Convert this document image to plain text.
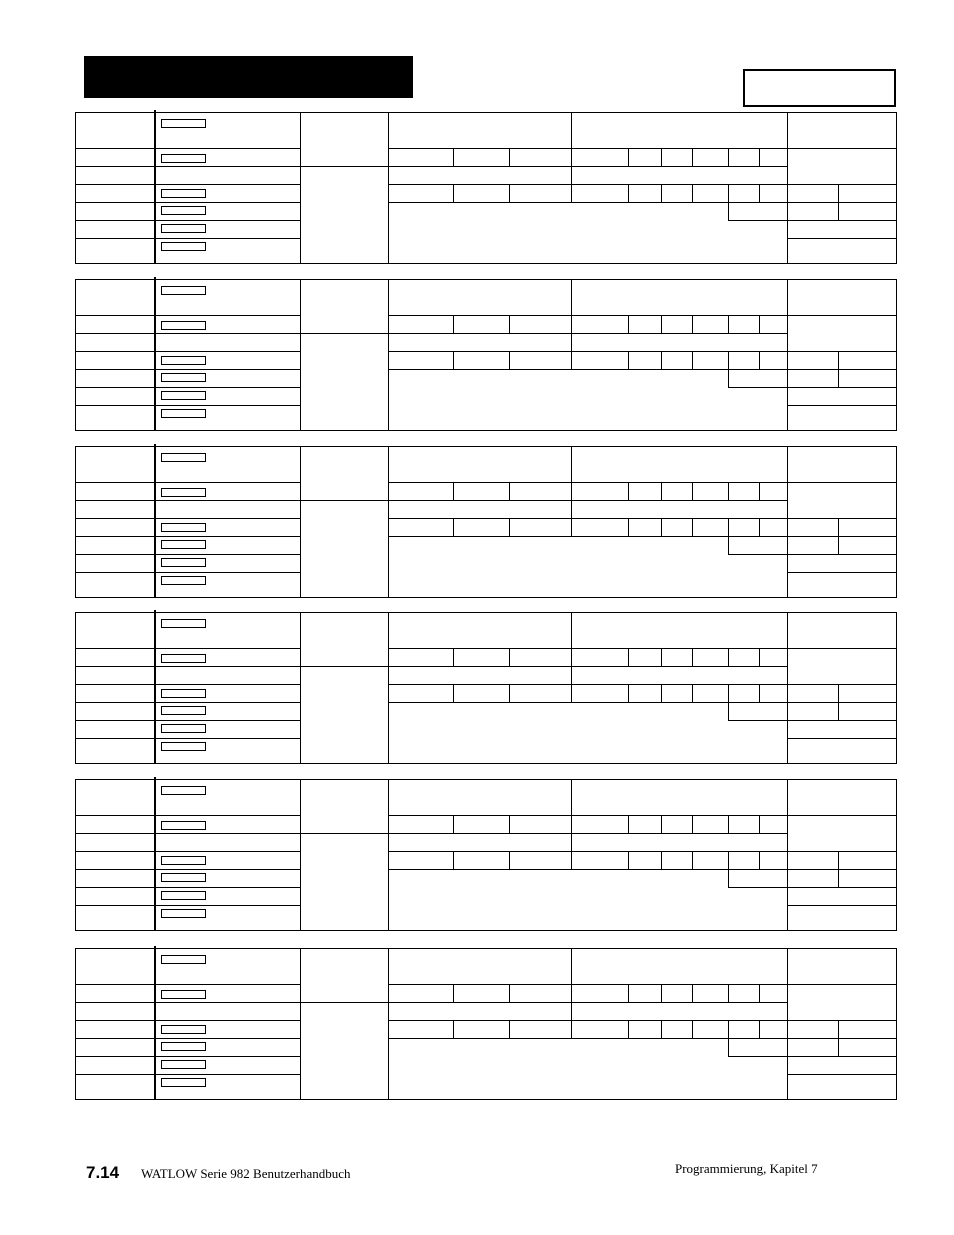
7.14 WATLOW Serie 982 Benutzerhandbuch	Programmierung, Kapitel 7
